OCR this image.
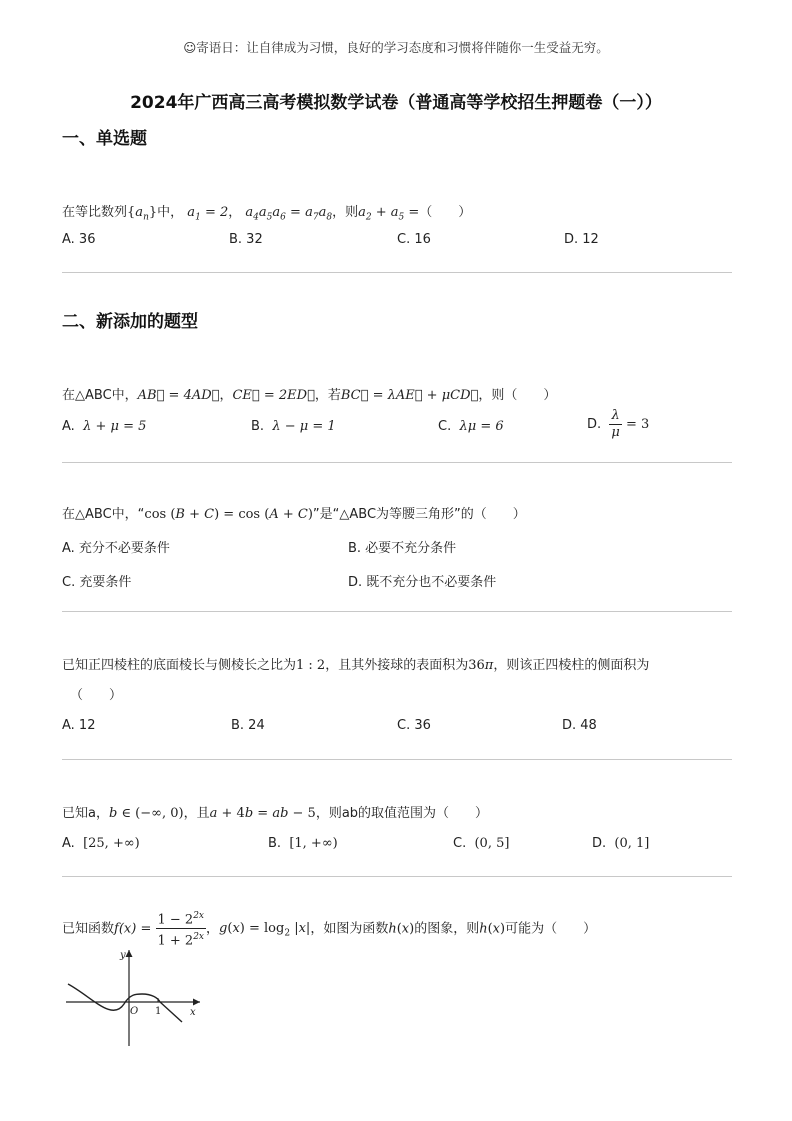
☺寄语日：让自律成为习惯，良好的学习态度和习惯将伴随你一生受益无穷。
2024年广西高三高考模拟数学试卷（普通高等学校招生押题卷（一））
一、单选题
在等比数列$\{a_n\}$中， $a_1 = 2$， $a_4a_5a_6 = a_7a_8$，则$a_2 + a_5$ =（　　）
A. 36	B. 32	C. 16	D. 12
二、新添加的题型
在△ABC中，AB⃗ = 4AD⃗，CE⃗ = 2ED⃗，若BC⃗ = λAE⃗ + μCD⃗，则（　　）
A. λ + μ = 5	B. λ − μ = 1	C. λμ = 6	D. $\frac{\lambda}{\mu} = 3$
在△ABC中，“cos (B + C) = cos (A + C)”是“△ABC为等腰三角形”的（　　）
A. 充分不必要条件	B. 必要不充分条件
C. 充要条件	D. 既不充分也不必要条件
已知正四棱柱的底面棱长与侧棱长之比为1 : 2，且其外接球的表面积为36π，则该正四棱柱的侧面积为
（　　）
A. 12	B. 24	C. 36	D. 48
已知a，b ∈ (−∞, 0)，且a + 4b = ab − 5，则ab的取值范围为（　　）
A. [25, +∞)	B. [1, +∞)	C. (0, 5]	D. (0, 1]
已知函数$f(x) = \frac{1 - 2^{2x}}{1 + 2^{2x}}$ ，$g(x) = \log_2 |x|$，如图为函数h(x)的图象，则h(x)可能为（　　）
y
x
O 1
